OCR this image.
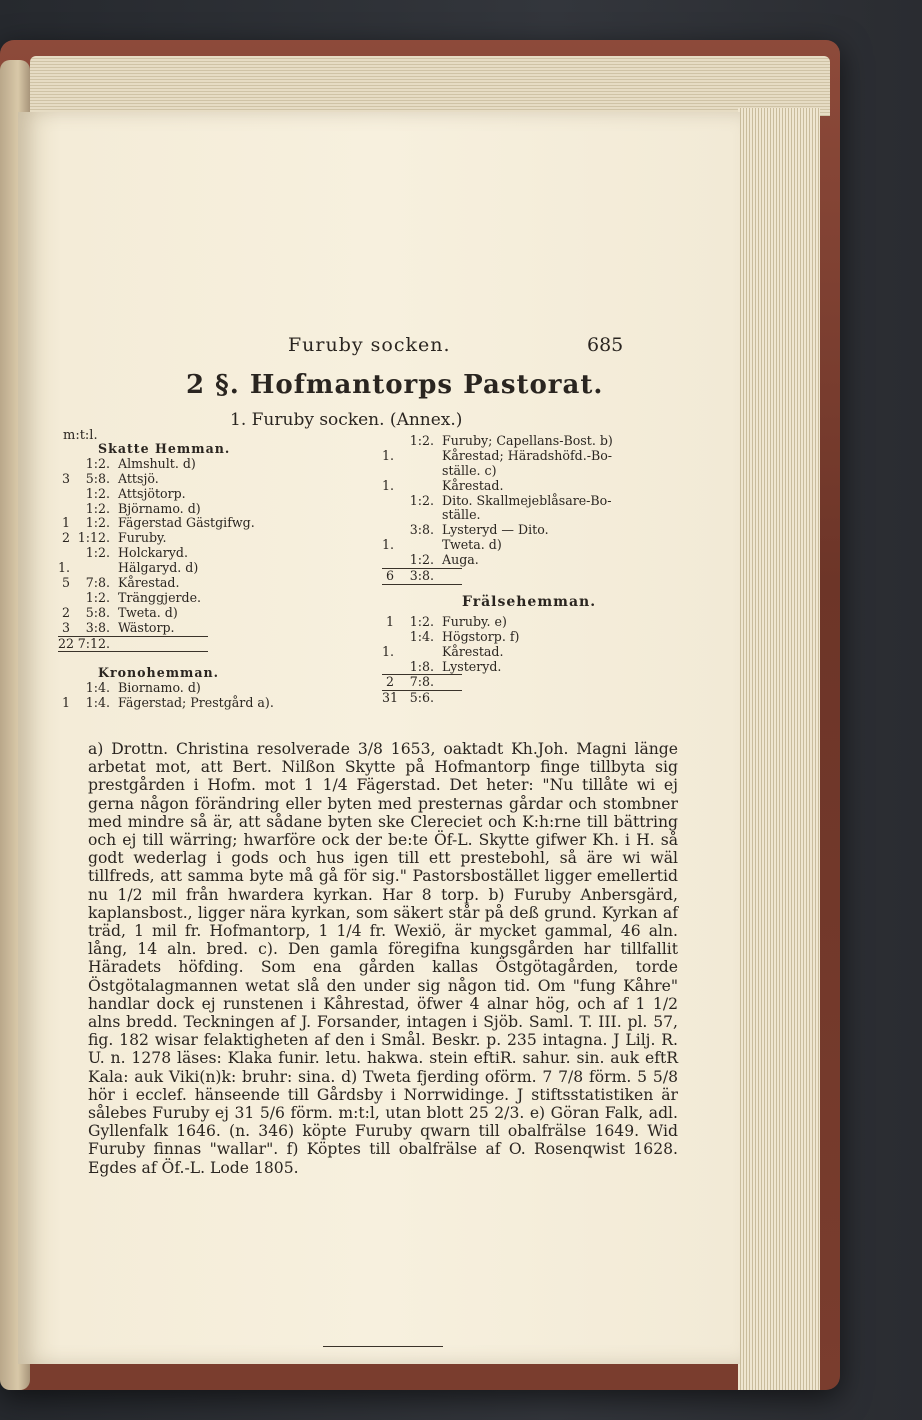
Furuby socken.	685
2 §. Hofmantorps Pastorat.
1. Furuby socken. (Annex.)
m:t:l.
Skatte Hemman.
1:2. Almshult. d)
3	5:8. Attsjö.
1:2. Attsjötorp.
1:2. Björnamo. d)
1	1:2. Fägerstad Gästgifwg.
2 1:12. Furuby.
1:2. Holckaryd.
1.	Hälgaryd. d)
5	7:8. Kårestad.
1:2. Tränggjerde.
2	5:8. Tweta. d)
3	3:8. Wästorp.
22 7:12.
Kronohemman.
1:4. Biornamo. d)
1	1:4. Fägerstad; Prestgård a).
1:2. Furuby; Capellans-Bost. b)
1.	Kårestad; Häradshöfd.-Bo-
ställe. c)
1.	Kårestad.
1:2. Dito. Skallmejeblåsare-Bo-
ställe.
3:8. Lysteryd — Dito.
1.	Tweta. d)
1:2. Auga.
6	3:8.
Frälsehemman.
1	1:2. Furuby. e)
1:4. Högstorp. f)
1.	Kårestad.
1:8. Lysteryd.
2	7:8.
31 5:6.

a) Drottn. Christina resolverade 3/8 1653, oaktadt Kh.Joh. Magni länge arbetat mot, att Bert. Nilßon Skytte på Hofmantorp finge tillbyta sig prestgården i Hofm. mot 1 1/4 Fägerstad. Det heter: "Nu tillåte wi ej gerna någon förändring eller byten med presternas gårdar och stombner med mindre så är, att sådane byten ske Clereciet och K:h:rne till bättring och ej till wärring; hwarföre ock der be:te Öf-L. Skytte gifwer Kh. i H. så godt wederlag i gods och hus igen till ett prestebohl, så äre wi wäl tillfreds, att samma byte må gå för sig." Pastorsbostället ligger emellertid nu 1/2 mil från hwardera kyrkan. Har 8 torp. b) Furuby Anbersgärd, kaplansbost., ligger nära kyrkan, som säkert står på deß grund. Kyrkan af träd, 1 mil fr. Hofmantorp, 1 1/4 fr. Wexiö, är mycket gammal, 46 aln. lång, 14 aln. bred. c). Den gamla föregifna kungsgården har tillfallit Häradets höfding. Som ena gården kallas Östgötagården, torde Östgötalagmannen wetat slå den under sig någon tid. Om "fung Kåhre" handlar dock ej runstenen i Kåhrestad, öfwer 4 alnar hög, och af 1 1/2 alns bredd. Teckningen af J. Forsander, intagen i Sjöb. Saml. T. III. pl. 57, fig. 182 wisar felaktigheten af den i Smål. Beskr. p. 235 intagna. J Lilj. R. U. n. 1278 läses: Klaka funir. letu. hakwa. stein eftiR. sahur. sin. auk eftR Kala: auk Viki(n)k: bruhr: sina. d) Tweta fjerding oförm. 7 7/8 förm. 5 5/8 hör i ecclef. hänseende till Gårdsby i Norrwidinge. J stiftsstatistiken är sålebes Furuby ej 31 5/6 förm. m:t:l, utan blott 25 2/3. e) Göran Falk, adl. Gyllenfalk 1646. (n. 346) köpte Furuby qwarn till obalfrälse 1649. Wid Furuby finnas "wallar". f) Köptes till obalfrälse af O. Rosenqwist 1628. Egdes af Öf.-L. Lode 1805.
